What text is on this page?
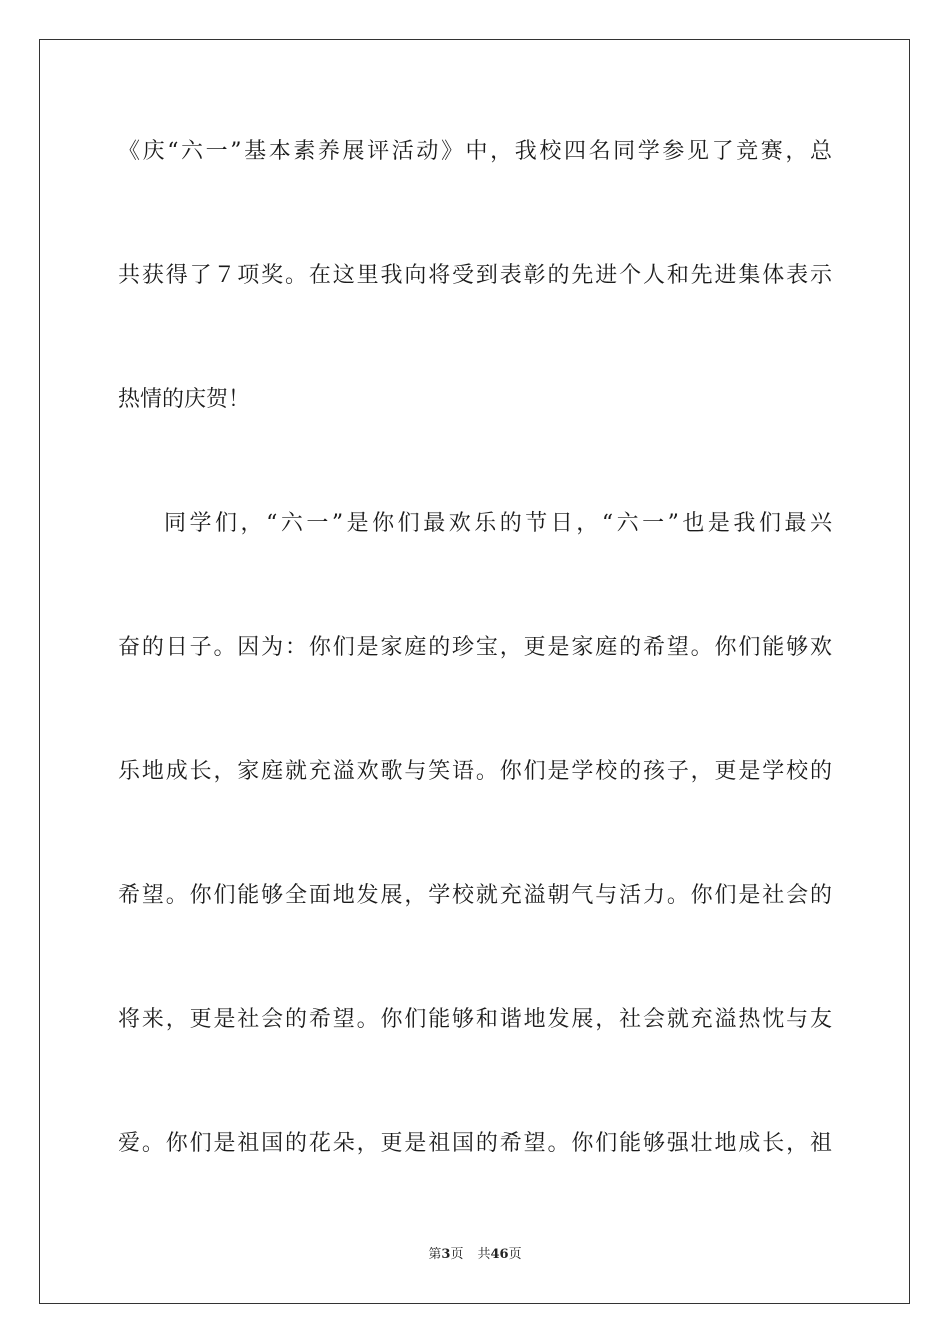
《庆“六一”基本素养展评活动》中，我校四名同学参见了竞赛，总
共获得了７项奖。在这里我向将受到表彰的先进个人和先进集体表示
热情的庆贺！
同学们，“六一”是你们最欢乐的节日，“六一”也是我们最兴
奋的日子。因为：你们是家庭的珍宝，更是家庭的希望。你们能够欢
乐地成长，家庭就充溢欢歌与笑语。你们是学校的孩子，更是学校的
希望。你们能够全面地发展，学校就充溢朝气与活力。你们是社会的
将来，更是社会的希望。你们能够和谐地发展，社会就充溢热忱与友
爱。你们是祖国的花朵，更是祖国的希望。你们能够强壮地成长，祖
第3页 共46页
